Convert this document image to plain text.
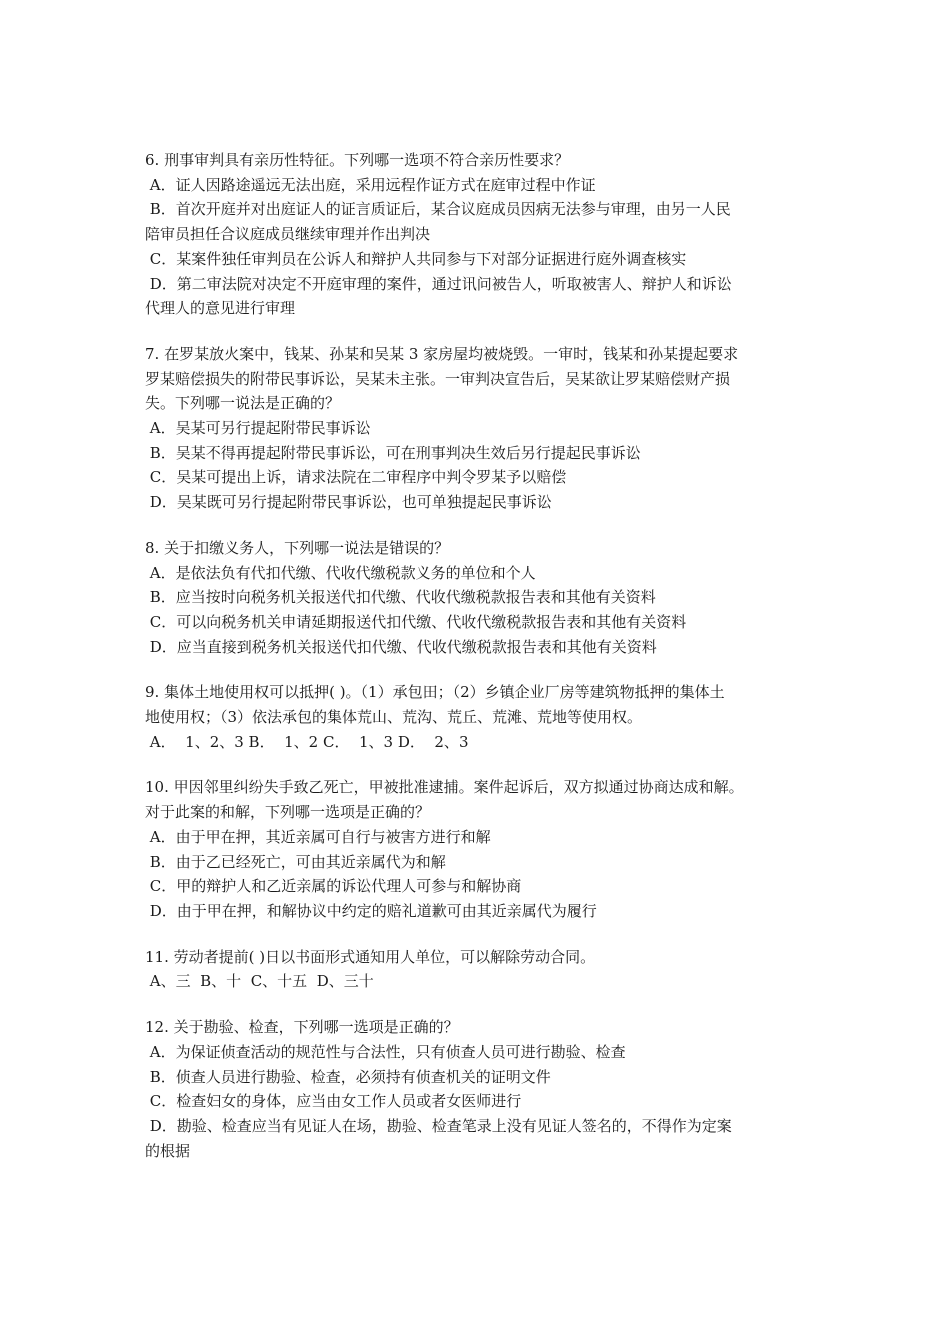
6. 刑事审判具有亲历性特征。下列哪一选项不符合亲历性要求？
A．证人因路途遥远无法出庭，采用远程作证方式在庭审过程中作证
B．首次开庭并对出庭证人的证言质证后，某合议庭成员因病无法参与审理，由另一人民
陪审员担任合议庭成员继续审理并作出判决
C．某案件独任审判员在公诉人和辩护人共同参与下对部分证据进行庭外调查核实
D．第二审法院对决定不开庭审理的案件，通过讯问被告人，听取被害人、辩护人和诉讼
代理人的意见进行审理
7. 在罗某放火案中，钱某、孙某和吴某 3 家房屋均被烧毁。一审时，钱某和孙某提起要求
罗某赔偿损失的附带民事诉讼，吴某未主张。一审判决宣告后，吴某欲让罗某赔偿财产损
失。下列哪一说法是正确的？
A．吴某可另行提起附带民事诉讼
B．吴某不得再提起附带民事诉讼，可在刑事判决生效后另行提起民事诉讼
C．吴某可提出上诉，请求法院在二审程序中判令罗某予以赔偿
D．吴某既可另行提起附带民事诉讼，也可单独提起民事诉讼
8. 关于扣缴义务人，下列哪一说法是错误的？
A．是依法负有代扣代缴、代收代缴税款义务的单位和个人
B．应当按时向税务机关报送代扣代缴、代收代缴税款报告表和其他有关资料
C．可以向税务机关申请延期报送代扣代缴、代收代缴税款报告表和其他有关资料
D．应当直接到税务机关报送代扣代缴、代收代缴税款报告表和其他有关资料
9. 集体土地使用权可以抵押( )。（1）承包田；（2）乡镇企业厂房等建筑物抵押的集体土
地使用权；（3）依法承包的集体荒山、荒沟、荒丘、荒滩、荒地等使用权。
A．  1、2、3 B．  1、2 C．  1、3 D．  2、3
10. 甲因邻里纠纷失手致乙死亡，甲被批准逮捕。案件起诉后，双方拟通过协商达成和解。
对于此案的和解，下列哪一选项是正确的？
A．由于甲在押，其近亲属可自行与被害方进行和解
B．由于乙已经死亡，可由其近亲属代为和解
C．甲的辩护人和乙近亲属的诉讼代理人可参与和解协商
D．由于甲在押，和解协议中约定的赔礼道歉可由其近亲属代为履行
11. 劳动者提前( )日以书面形式通知用人单位，可以解除劳动合同。
A、三  B、十  C、十五  D、三十
12. 关于勘验、检查，下列哪一选项是正确的？
A．为保证侦查活动的规范性与合法性，只有侦查人员可进行勘验、检查
B．侦查人员进行勘验、检查，必须持有侦查机关的证明文件
C．检查妇女的身体，应当由女工作人员或者女医师进行
D．勘验、检查应当有见证人在场，勘验、检查笔录上没有见证人签名的，不得作为定案
的根据
